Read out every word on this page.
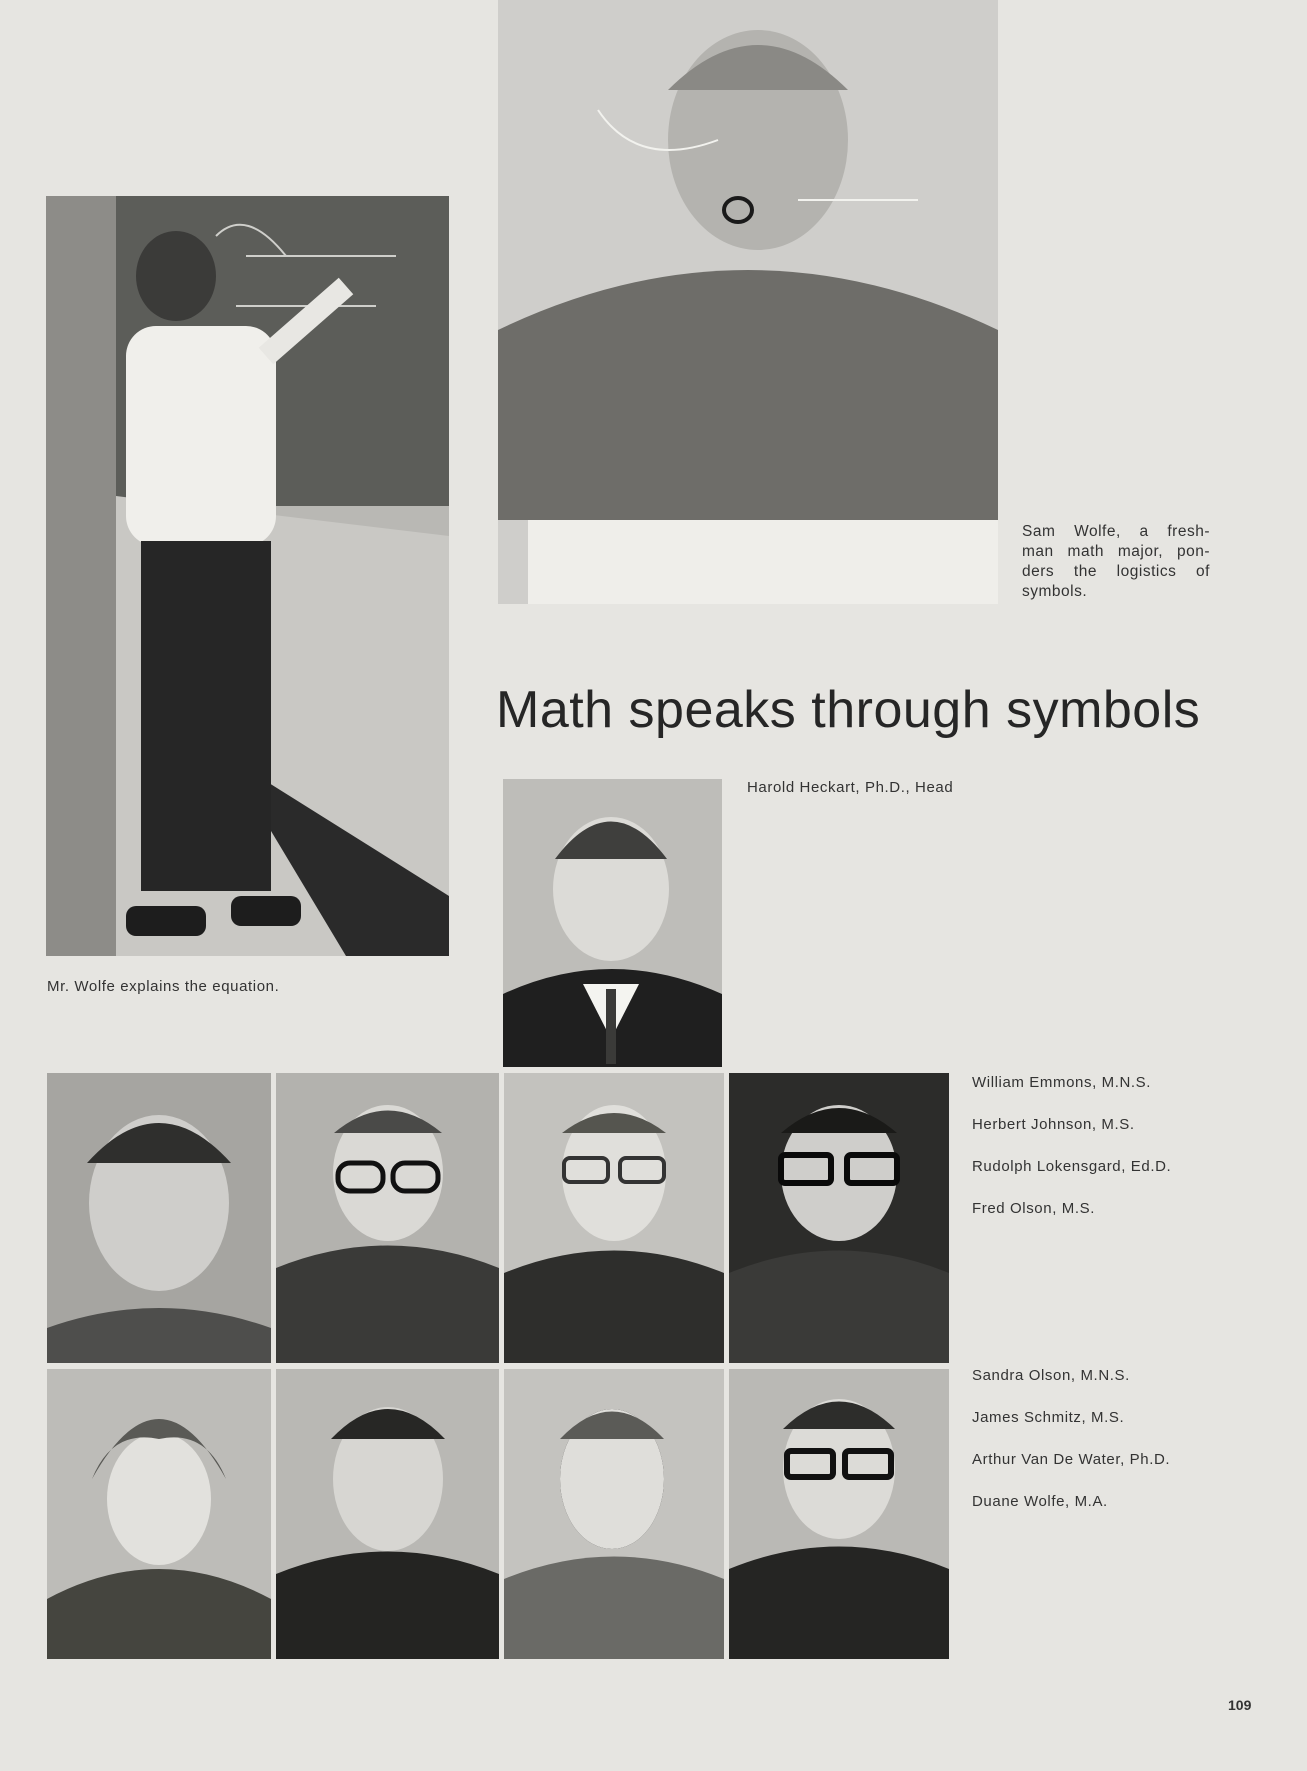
Mr. Wolfe explains the equation.
Sam Wolfe, a fresh-
man math major, pon-
ders the logistics of
symbols.
Math speaks through symbols
Harold Heckart, Ph.D., Head
William Emmons, M.N.S.
Herbert Johnson, M.S.
Rudolph Lokensgard, Ed.D.
Fred Olson, M.S.
Sandra Olson, M.N.S.
James Schmitz, M.S.
Arthur Van De Water, Ph.D.
Duane Wolfe, M.A.
109
